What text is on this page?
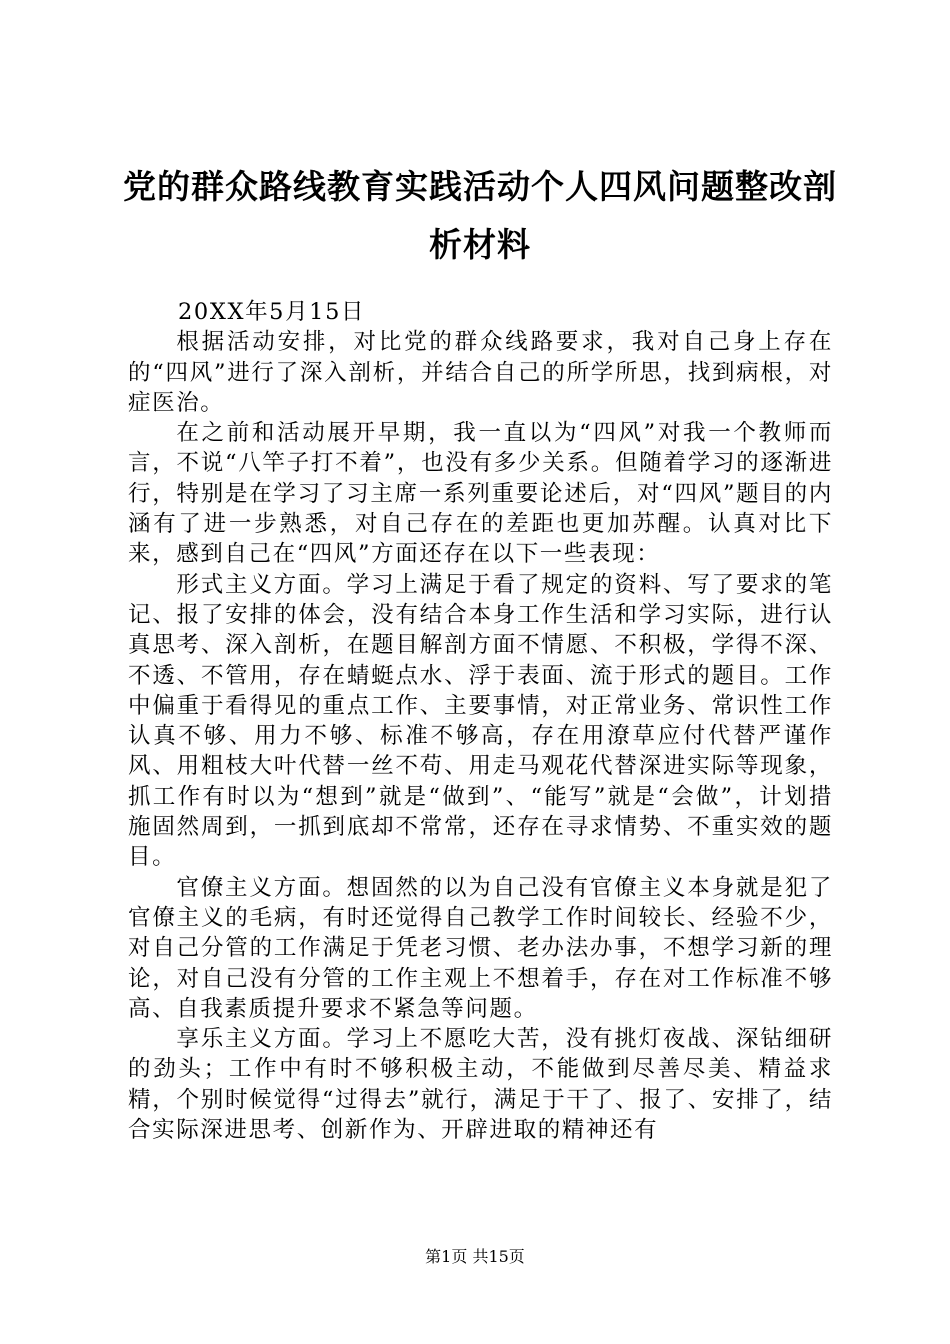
党的群众路线教育实践活动个人四风问题整改剖析材料

20XX年5月15日

根据活动安排，对比党的群众线路要求，我对自己身上存在的“四风”进行了深入剖析，并结合自己的所学所思，找到病根，对症医治。

在之前和活动展开早期，我一直以为“四风”对我一个教师而言，不说“八竿子打不着”，也没有多少关系。但随着学习的逐渐进行，特别是在学习了习主席一系列重要论述后，对“四风”题目的内涵有了进一步熟悉，对自己存在的差距也更加苏醒。认真对比下来，感到自己在“四风”方面还存在以下一些表现：

形式主义方面。学习上满足于看了规定的资料、写了要求的笔记、报了安排的体会，没有结合本身工作生活和学习实际，进行认真思考、深入剖析，在题目解剖方面不情愿、不积极，学得不深、不透、不管用，存在蜻蜓点水、浮于表面、流于形式的题目。工作中偏重于看得见的重点工作、主要事情，对正常业务、常识性工作认真不够、用力不够、标准不够高，存在用潦草应付代替严谨作风、用粗枝大叶代替一丝不苟、用走马观花代替深进实际等现象，抓工作有时以为“想到”就是“做到”、“能写”就是“会做”，计划措施固然周到，一抓到底却不常常，还存在寻求情势、不重实效的题目。

官僚主义方面。想固然的以为自己没有官僚主义本身就是犯了官僚主义的毛病，有时还觉得自己教学工作时间较长、经验不少，对自己分管的工作满足于凭老习惯、老办法办事，不想学习新的理论，对自己没有分管的工作主观上不想着手，存在对工作标准不够高、自我素质提升要求不紧急等问题。

享乐主义方面。学习上不愿吃大苦，没有挑灯夜战、深钻细研的劲头；工作中有时不够积极主动，不能做到尽善尽美、精益求精，个别时候觉得“过得去”就行，满足于干了、报了、安排了，结合实际深进思考、创新作为、开辟进取的精神还有

第1页 共15页
